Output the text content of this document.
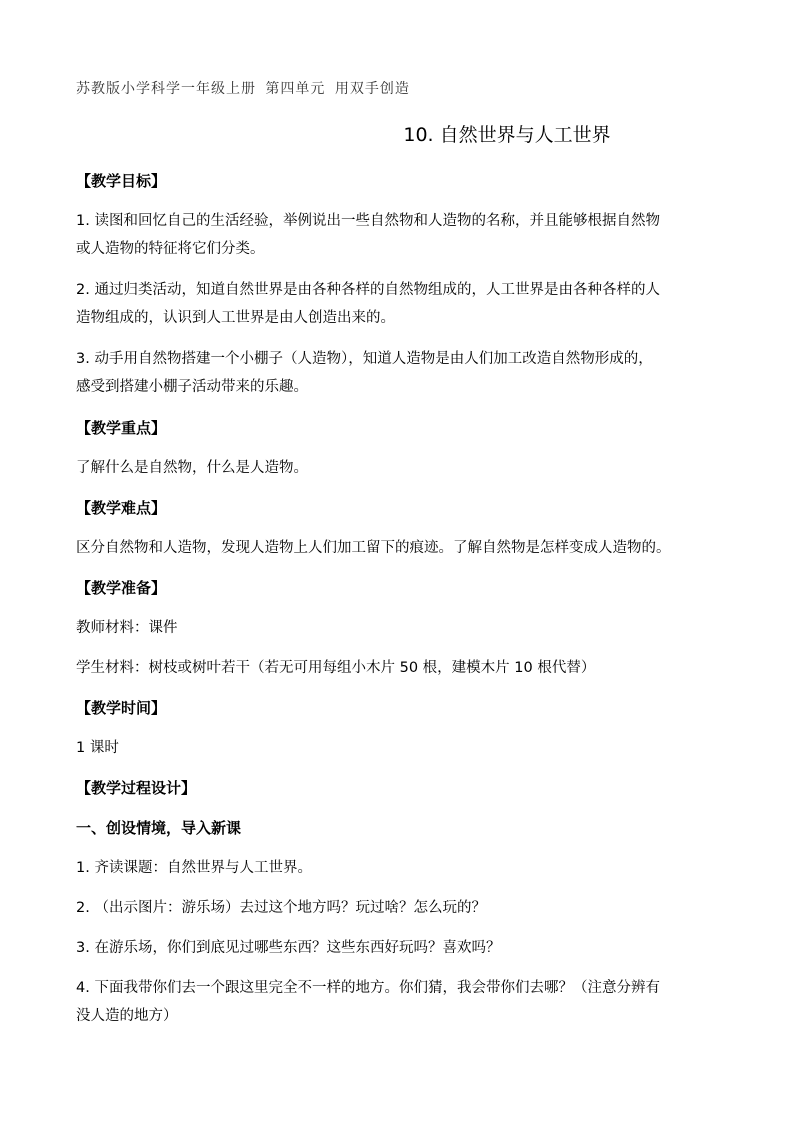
苏教版小学科学一年级上册 第四单元 用双手创造
10. 自然世界与人工世界
【教学目标】
1. 读图和回忆自己的生活经验，举例说出一些自然物和人造物的名称，并且能够根据自然物
或人造物的特征将它们分类。
2. 通过归类活动，知道自然世界是由各种各样的自然物组成的，人工世界是由各种各样的人
造物组成的，认识到人工世界是由人创造出来的。
3. 动手用自然物搭建一个小棚子（人造物），知道人造物是由人们加工改造自然物形成的，
感受到搭建小棚子活动带来的乐趣。
【教学重点】
了解什么是自然物，什么是人造物。
【教学难点】
区分自然物和人造物，发现人造物上人们加工留下的痕迹。了解自然物是怎样变成人造物的。
【教学准备】
教师材料：课件
学生材料：树枝或树叶若干（若无可用每组小木片 50 根，建模木片 10 根代替）
【教学时间】
1 课时
【教学过程设计】
一、创设情境，导入新课
1. 齐读课题：自然世界与人工世界。
2. （出示图片：游乐场）去过这个地方吗？玩过啥？怎么玩的？
3. 在游乐场，你们到底见过哪些东西？这些东西好玩吗？喜欢吗？
4. 下面我带你们去一个跟这里完全不一样的地方。你们猜，我会带你们去哪？（注意分辨有
没人造的地方）
